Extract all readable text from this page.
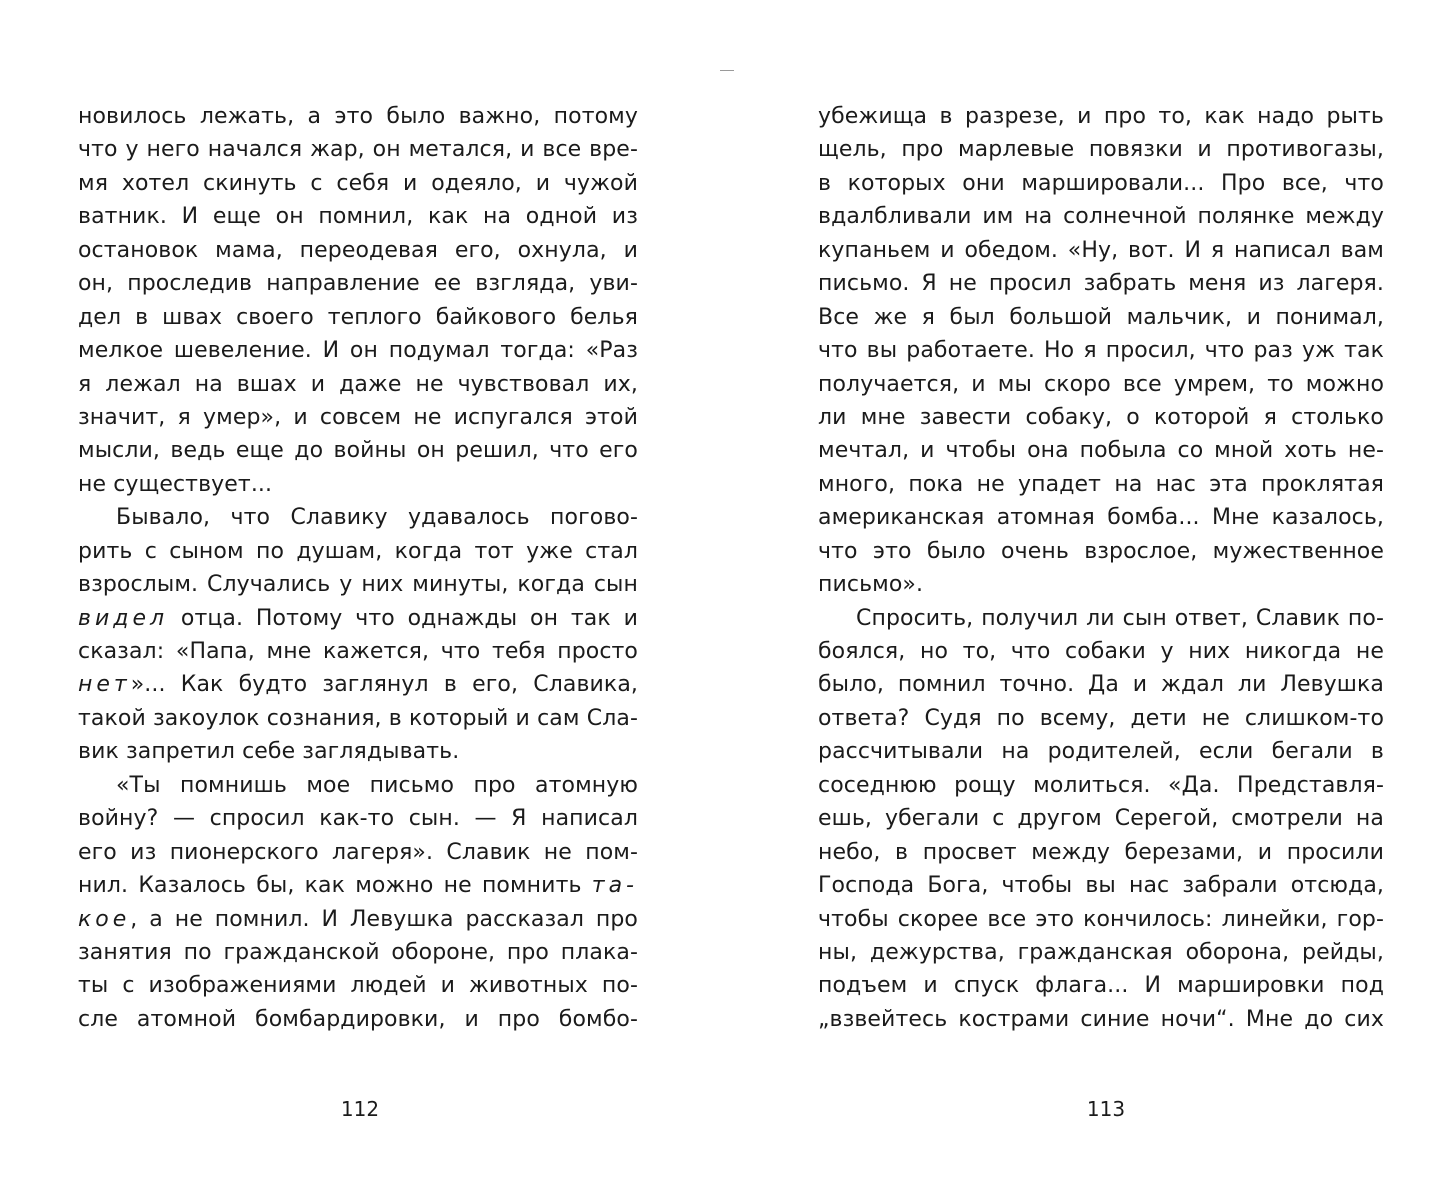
новилось лежать, а это было важно, потому
что у него начался жар, он метался, и все вре-
мя хотел скинуть с себя и одеяло, и чужой
ватник. И еще он помнил, как на одной из
остановок мама, переодевая его, охнула, и
он, проследив направление ее взгляда, уви-
дел в швах своего теплого байкового белья
мелкое шевеление. И он подумал тогда: «Раз
я лежал на вшах и даже не чувствовал их,
значит, я умер», и совсем не испугался этой
мысли, ведь еще до войны он решил, что его
не существует...
Бывало, что Славику удавалось погово-
рить с сыном по душам, когда тот уже стал
взрослым. Случались у них минуты, когда сын
видел отца. Потому что однажды он так и
сказал: «Папа, мне кажется, что тебя просто
нет»... Как будто заглянул в его, Славика,
такой закоулок сознания, в который и сам Сла-
вик запретил себе заглядывать.
«Ты помнишь мое письмо про атомную
войну? — спросил как-то сын. — Я написал
его из пионерского лагеря». Славик не пом-
нил. Казалось бы, как можно не помнить та-
кое, а не помнил. И Левушка рассказал про
занятия по гражданской обороне, про плака-
ты с изображениями людей и животных по-
сле атомной бомбардировки, и про бомбо-
112
убежища в разрезе, и про то, как надо рыть
щель, про марлевые повязки и противогазы,
в которых они маршировали... Про все, что
вдалбливали им на солнечной полянке между
купаньем и обедом. «Ну, вот. И я написал вам
письмо. Я не просил забрать меня из лагеря.
Все же я был большой мальчик, и понимал,
что вы работаете. Но я просил, что раз уж так
получается, и мы скоро все умрем, то можно
ли мне завести собаку, о которой я столько
мечтал, и чтобы она побыла со мной хоть не-
много, пока не упадет на нас эта проклятая
американская атомная бомба... Мне казалось,
что это было очень взрослое, мужественное
письмо».
Спросить, получил ли сын ответ, Славик по-
боялся, но то, что собаки у них никогда не
было, помнил точно. Да и ждал ли Левушка
ответа? Судя по всему, дети не слишком-то
рассчитывали на родителей, если бегали в
соседнюю рощу молиться. «Да. Представля-
ешь, убегали с другом Серегой, смотрели на
небо, в просвет между березами, и просили
Господа Бога, чтобы вы нас забрали отсюда,
чтобы скорее все это кончилось: линейки, гор-
ны, дежурства, гражданская оборона, рейды,
подъем и спуск флага... И маршировки под
„взвейтесь кострами синие ночи“. Мне до сих
113
